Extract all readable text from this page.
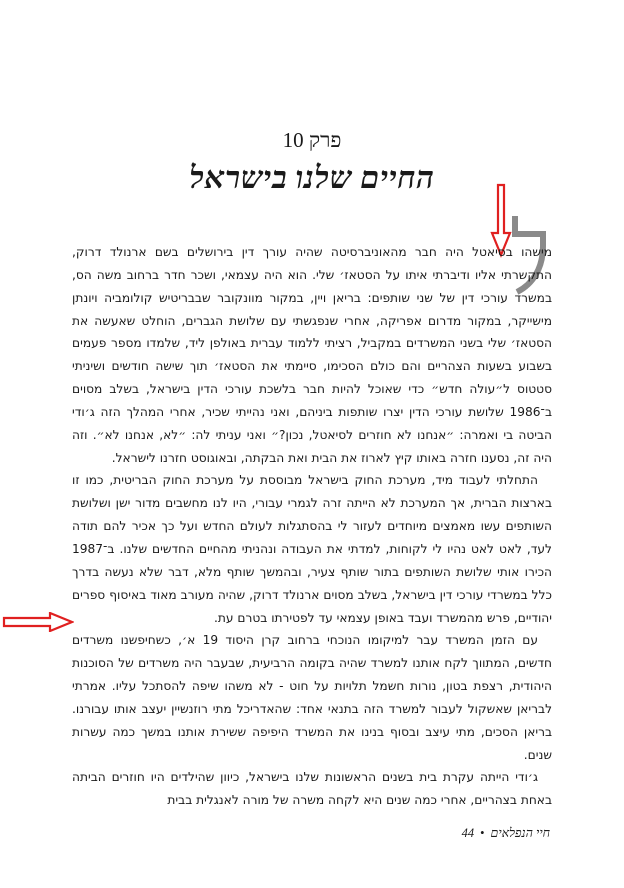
פרק 10
החיים שלנו בישראל
ל

מישהו בסיאטל היה חבר מהאוניברסיטה שהיה עורך דין בירושלים בשם ארנולד דרוק, התקשרתי אליו ודיברתי איתו על הסטאז׳ שלי. הוא היה עצמאי, ושכר חדר ברחוב משה הס, במשרד עורכי דין של שני שותפים: בריאן ויין, במקור מוונקובר שבבריטיש קולומביה ויונתן מישייקר, במקור מדרום אפריקה, אחרי שנפגשתי עם שלושת הגברים, הוחלט שאעשה את הסטאז׳ שלי בשני המשרדים במקביל, רציתי ללמוד עברית באולפן ליד, שלמדו מספר פעמים בשבוע בשעות הצהריים והם כולם הסכימו, סיימתי את הסטאז׳ תוך שישה חודשים ושיניתי סטטוס ל״עולה חדש״ כדי שאוכל להיות חבר בלשכת עורכי הדין בישראל, בשלב מסוים ב־1986 שלושת עורכי הדין יצרו שותפות ביניהם, ואני נהייתי שכיר, אחרי המהלך הזה ג׳ודי הביטה בי ואמרה: ״אנחנו לא חוזרים לסיאטל, נכון?״ ואני עניתי לה: ״לא, אנחנו לא״. וזה היה זה, נסענו חזרה באותו קיץ לארוז את הבית ואת הבקתה, ובאוגוסט חזרנו לישראל.

התחלתי לעבוד מיד, מערכת החוק בישראל מבוססת על מערכת החוק הבריטית, כמו זו בארצות הברית, אך המערכת לא הייתה זרה לגמרי עבורי, היו לנו מחשבים מדור ישן ושלושת השותפים עשו מאמצים מיוחדים לעזור לי בהסתגלות לעולם החדש ועל כך אכיר להם תודה לעד, לאט לאט נהיו לי לקוחות, למדתי את העבודה ונהניתי מהחיים החדשים שלנו. ב־1987 הכירו אותי שלושת השותפים בתור שותף צעיר, ובהמשך שותף מלא, דבר שלא נעשה בדרך כלל במשרדי עורכי דין בישראל, בשלב מסוים ארנולד דרוק, שהיה מעורב מאוד באיסוף ספרים יהודיים, פרש מהמשרד ועבד באופן עצמאי עד לפטירתו בטרם עת.

עם הזמן המשרד עבר למיקומו הנוכחי ברחוב קרן היסוד 19 א׳, כשחיפשנו משרדים חדשים, המתווך לקח אותנו למשרד שהיה בקומה הרביעית, שבעבר היה משרדים של הסוכנות היהודית, רצפת בטון, נורות חשמל תלויות על חוט - לא משהו שיפה להסתכל עליו. אמרתי לבריאן שאשקול לעבור למשרד הזה בתנאי אחד: שהאדריכל מתי רוזנשיין יעצב אותו עבורנו. בריאן הסכים, מתי עיצב ובסוף בנינו את המשרד היפיפה ששירת אותנו במשך כמה עשרות שנים.

ג׳ודי הייתה עקרת בית בשנים הראשונות שלנו בישראל, כיוון שהילדים היו חוזרים הביתה באחת בצהריים, אחרי כמה שנים היא לקחה משרה של מורה לאנגלית בבית

חיי הנפלאים•44
